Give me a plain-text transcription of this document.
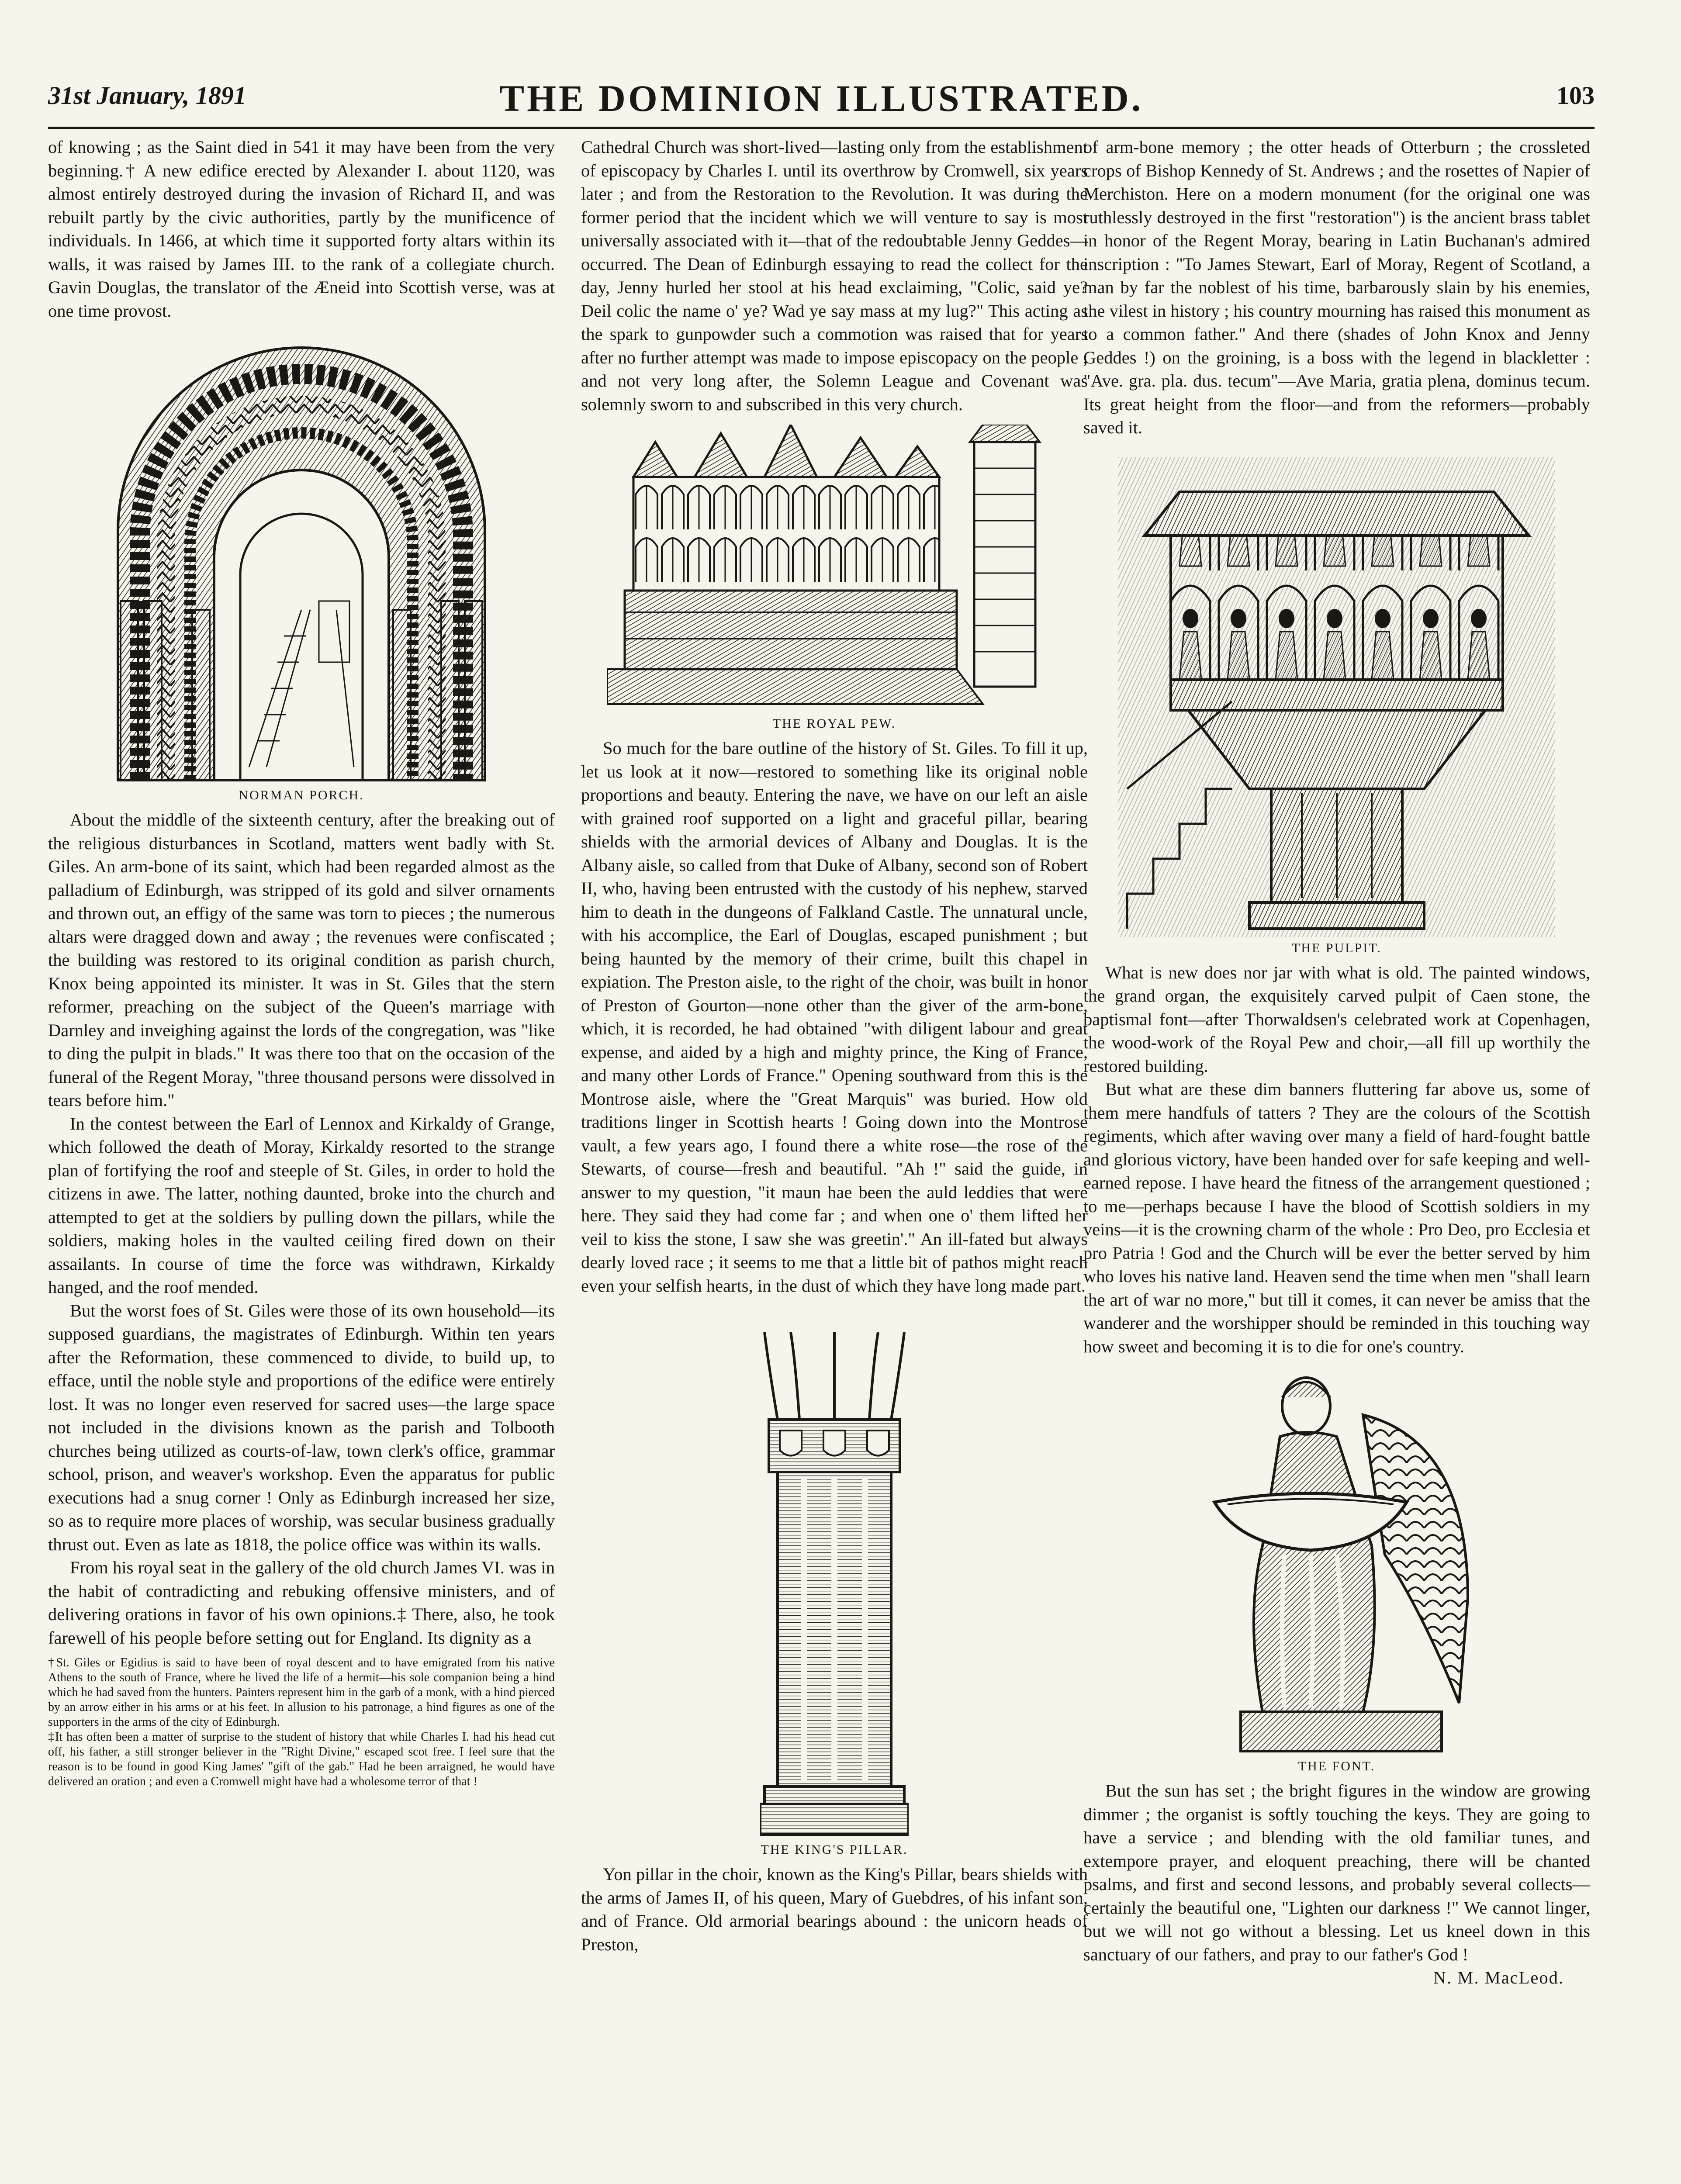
31st January, 1891	THE DOMINION ILLUSTRATED.	103

of knowing ; as the Saint died in 541 it may have been from the very beginning.† A new edifice erected by Alexander I. about 1120, was almost entirely destroyed during the invasion of Richard II, and was rebuilt partly by the civic authorities, partly by the munificence of individuals. In 1466, at which time it supported forty altars within its walls, it was raised by James III. to the rank of a collegiate church. Gavin Douglas, the translator of the Æneid into Scottish verse, was at one time provost.

NORMAN PORCH.

About the middle of the sixteenth century, after the breaking out of the religious disturbances in Scotland, matters went badly with St. Giles. An arm-bone of its saint, which had been regarded almost as the palladium of Edinburgh, was stripped of its gold and silver ornaments and thrown out, an effigy of the same was torn to pieces ; the numerous altars were dragged down and away ; the revenues were confiscated ; the building was restored to its original condition as parish church, Knox being appointed its minister. It was in St. Giles that the stern reformer, preaching on the subject of the Queen's marriage with Darnley and inveighing against the lords of the congregation, was "like to ding the pulpit in blads." It was there too that on the occasion of the funeral of the Regent Moray, "three thousand persons were dissolved in tears before him."

In the contest between the Earl of Lennox and Kirkaldy of Grange, which followed the death of Moray, Kirkaldy resorted to the strange plan of fortifying the roof and steeple of St. Giles, in order to hold the citizens in awe. The latter, nothing daunted, broke into the church and attempted to get at the soldiers by pulling down the pillars, while the soldiers, making holes in the vaulted ceiling fired down on their assailants. In course of time the force was withdrawn, Kirkaldy hanged, and the roof mended.

But the worst foes of St. Giles were those of its own household—its supposed guardians, the magistrates of Edinburgh. Within ten years after the Reformation, these commenced to divide, to build up, to efface, until the noble style and proportions of the edifice were entirely lost. It was no longer even reserved for sacred uses—the large space not included in the divisions known as the parish and Tolbooth churches being utilized as courts-of-law, town clerk's office, grammar school, prison, and weaver's workshop. Even the apparatus for public executions had a snug corner ! Only as Edinburgh increased her size, so as to require more places of worship, was secular business gradually thrust out. Even as late as 1818, the police office was within its walls.

From his royal seat in the gallery of the old church James VI. was in the habit of contradicting and rebuking offensive ministers, and of delivering orations in favor of his own opinions.‡ There, also, he took farewell of his people before setting out for England. Its dignity as a

†St. Giles or Egidius is said to have been of royal descent and to have emigrated from his native Athens to the south of France, where he lived the life of a hermit—his sole companion being a hind which he had saved from the hunters. Painters represent him in the garb of a monk, with a hind pierced by an arrow either in his arms or at his feet. In allusion to his patronage, a hind figures as one of the supporters in the arms of the city of Edinburgh.

‡It has often been a matter of surprise to the student of history that while Charles I. had his head cut off, his father, a still stronger believer in the "Right Divine," escaped scot free. I feel sure that the reason is to be found in good King James' "gift of the gab." Had he been arraigned, he would have delivered an oration ; and even a Cromwell might have had a wholesome terror of that !

Cathedral Church was short-lived—lasting only from the establishment of episcopacy by Charles I. until its overthrow by Cromwell, six years later ; and from the Restoration to the Revolution. It was during the former period that the incident which we will venture to say is most universally associated with it—that of the redoubtable Jenny Geddes—occurred. The Dean of Edinburgh essaying to read the collect for the day, Jenny hurled her stool at his head exclaiming, "Colic, said ye? Deil colic the name o' ye? Wad ye say mass at my lug?" This acting as the spark to gunpowder such a commotion was raised that for years after no further attempt was made to impose episcopacy on the people ; and not very long after, the Solemn League and Covenant was solemnly sworn to and subscribed in this very church.

THE ROYAL PEW.

So much for the bare outline of the history of St. Giles. To fill it up, let us look at it now—restored to something like its original noble proportions and beauty. Entering the nave, we have on our left an aisle with grained roof supported on a light and graceful pillar, bearing shields with the armorial devices of Albany and Douglas. It is the Albany aisle, so called from that Duke of Albany, second son of Robert II, who, having been entrusted with the custody of his nephew, starved him to death in the dungeons of Falkland Castle. The unnatural uncle, with his accomplice, the Earl of Douglas, escaped punishment ; but being haunted by the memory of their crime, built this chapel in expiation. The Preston aisle, to the right of the choir, was built in honor of Preston of Gourton—none other than the giver of the arm-bone, which, it is recorded, he had obtained "with diligent labour and great expense, and aided by a high and mighty prince, the King of France, and many other Lords of France." Opening southward from this is the Montrose aisle, where the "Great Marquis" was buried. How old traditions linger in Scottish hearts ! Going down into the Montrose vault, a few years ago, I found there a white rose—the rose of the Stewarts, of course—fresh and beautiful. "Ah !" said the guide, in answer to my question, "it maun hae been the auld leddies that were here. They said they had come far ; and when one o' them lifted her veil to kiss the stone, I saw she was greetin'." An ill-fated but always dearly loved race ; it seems to me that a little bit of pathos might reach even your selfish hearts, in the dust of which they have long made part.

THE KING'S PILLAR.

Yon pillar in the choir, known as the King's Pillar, bears shields with the arms of James II, of his queen, Mary of Guebdres, of his infant son, and of France. Old armorial bearings abound : the unicorn heads of Preston,

of arm-bone memory ; the otter heads of Otterburn ; the crossleted crops of Bishop Kennedy of St. Andrews ; and the rosettes of Napier of Merchiston. Here on a modern monument (for the original one was ruthlessly destroyed in the first "restoration") is the ancient brass tablet in honor of the Regent Moray, bearing in Latin Buchanan's admired inscription : "To James Stewart, Earl of Moray, Regent of Scotland, a man by far the noblest of his time, barbarously slain by his enemies, the vilest in history ; his country mourning has raised this monument as to a common father." And there (shades of John Knox and Jenny Geddes !) on the groining, is a boss with the legend in blackletter : "Ave. gra. pla. dus. tecum"—Ave Maria, gratia plena, dominus tecum. Its great height from the floor—and from the reformers—probably saved it.

THE PULPIT.

What is new does nor jar with what is old. The painted windows, the grand organ, the exquisitely carved pulpit of Caen stone, the baptismal font—after Thorwaldsen's celebrated work at Copenhagen, the wood-work of the Royal Pew and choir,—all fill up worthily the restored building.

But what are these dim banners fluttering far above us, some of them mere handfuls of tatters ? They are the colours of the Scottish regiments, which after waving over many a field of hard-fought battle and glorious victory, have been handed over for safe keeping and well-earned repose. I have heard the fitness of the arrangement questioned ; to me—perhaps because I have the blood of Scottish soldiers in my veins—it is the crowning charm of the whole : Pro Deo, pro Ecclesia et pro Patria ! God and the Church will be ever the better served by him who loves his native land. Heaven send the time when men "shall learn the art of war no more," but till it comes, it can never be amiss that the wanderer and the worshipper should be reminded in this touching way how sweet and becoming it is to die for one's country.

THE FONT.

But the sun has set ; the bright figures in the window are growing dimmer ; the organist is softly touching the keys. They are going to have a service ; and blending with the old familiar tunes, and extempore prayer, and eloquent preaching, there will be chanted psalms, and first and second lessons, and probably several collects—certainly the beautiful one, "Lighten our darkness !" We cannot linger, but we will not go without a blessing. Let us kneel down in this sanctuary of our fathers, and pray to our father's God !

N. M. MacLeod.
